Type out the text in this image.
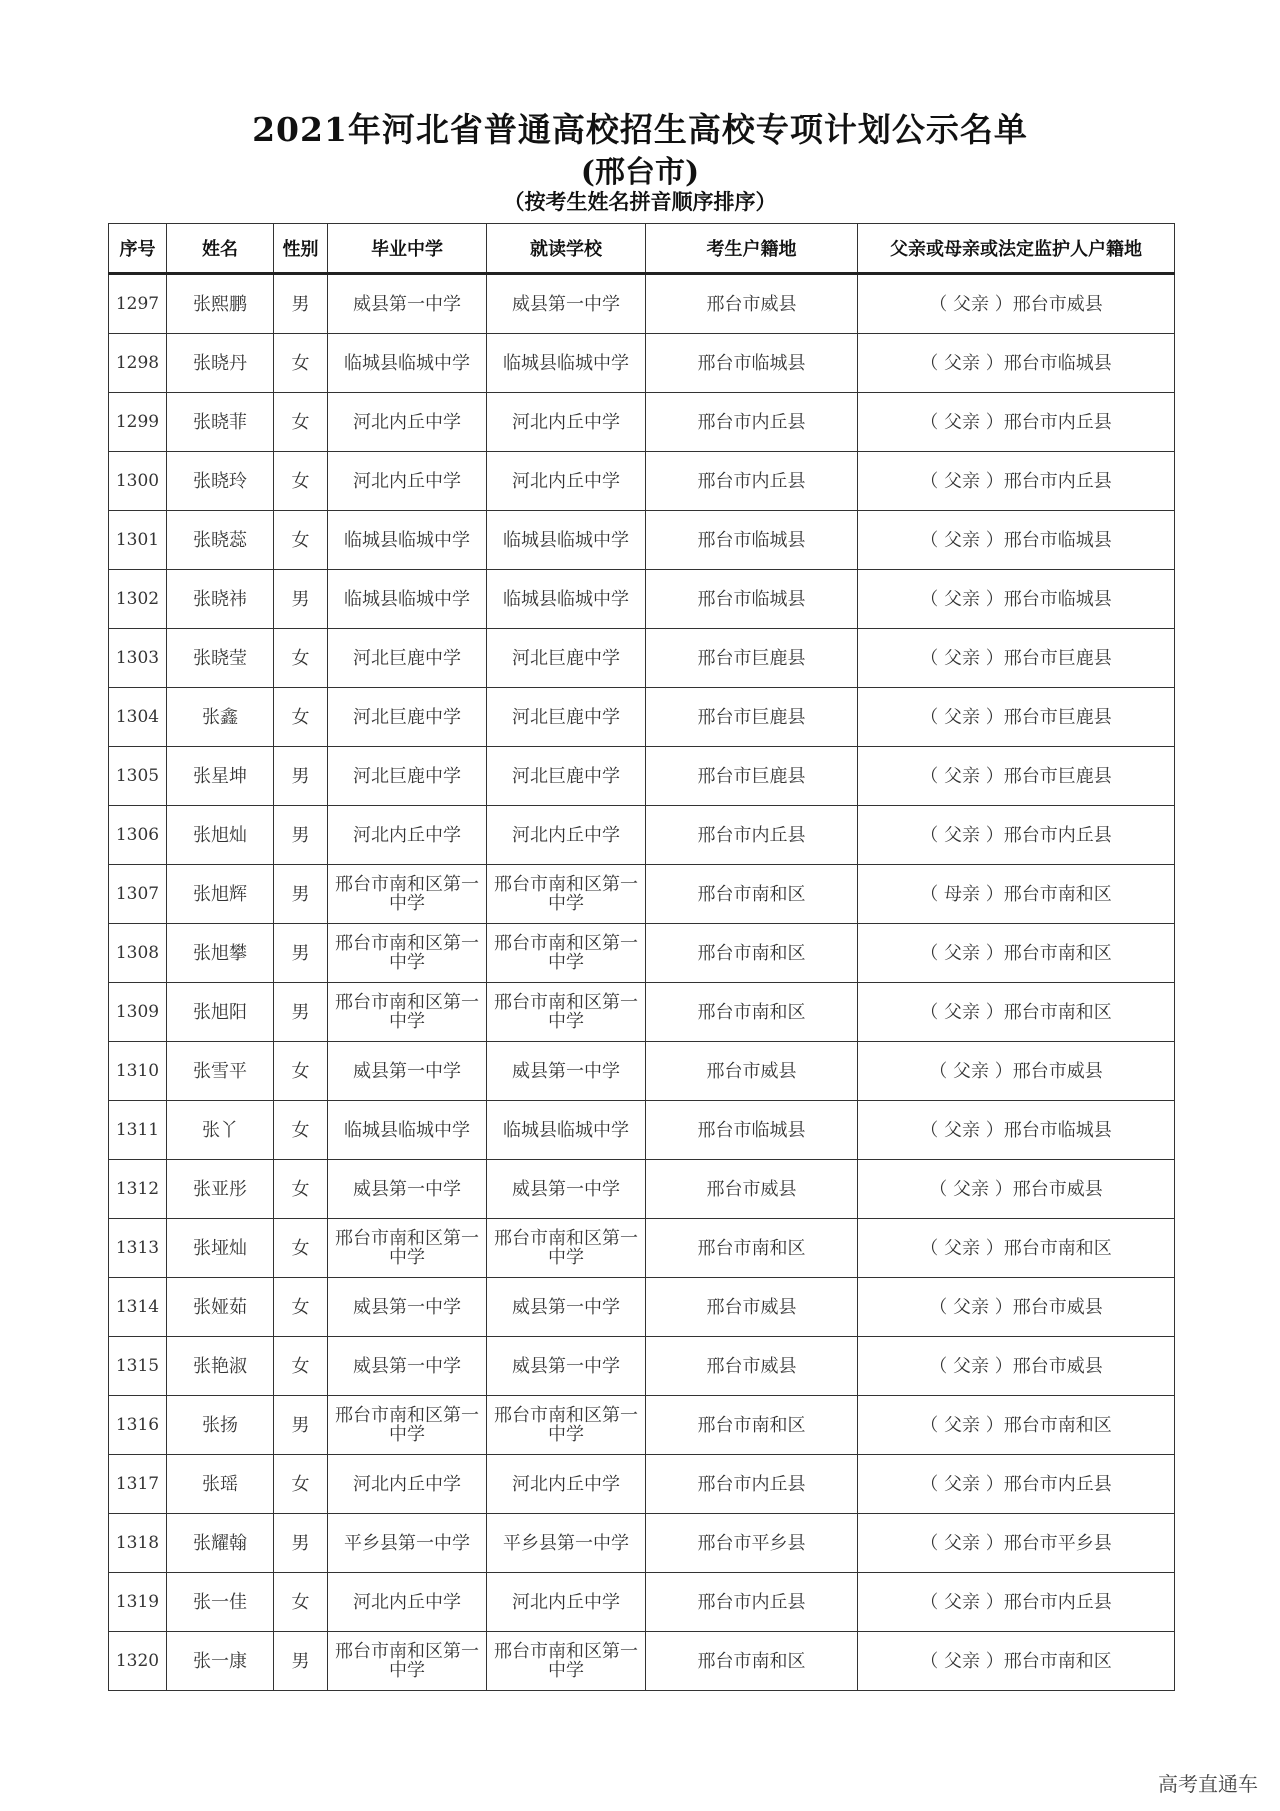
2021年河北省普通高校招生高校专项计划公示名单
(邢台市)
（按考生姓名拼音顺序排序）
序号	姓名	性别	毕业中学	就读学校	考生户籍地	父亲或母亲或法定监护人户籍地
1297	张熙鹏	男	威县第一中学	威县第一中学	邢台市威县	（ 父亲 ）邢台市威县
1298	张晓丹	女	临城县临城中学	临城县临城中学	邢台市临城县	（ 父亲 ）邢台市临城县
1299	张晓菲	女	河北内丘中学	河北内丘中学	邢台市内丘县	（ 父亲 ）邢台市内丘县
1300	张晓玲	女	河北内丘中学	河北内丘中学	邢台市内丘县	（ 父亲 ）邢台市内丘县
1301	张晓蕊	女	临城县临城中学	临城县临城中学	邢台市临城县	（ 父亲 ）邢台市临城县
1302	张晓祎	男	临城县临城中学	临城县临城中学	邢台市临城县	（ 父亲 ）邢台市临城县
1303	张晓莹	女	河北巨鹿中学	河北巨鹿中学	邢台市巨鹿县	（ 父亲 ）邢台市巨鹿县
1304	张鑫	女	河北巨鹿中学	河北巨鹿中学	邢台市巨鹿县	（ 父亲 ）邢台市巨鹿县
1305	张星坤	男	河北巨鹿中学	河北巨鹿中学	邢台市巨鹿县	（ 父亲 ）邢台市巨鹿县
1306	张旭灿	男	河北内丘中学	河北内丘中学	邢台市内丘县	（ 父亲 ）邢台市内丘县
1307	张旭辉	男	邢台市南和区第一中学	邢台市南和区第一中学	邢台市南和区	（ 母亲 ）邢台市南和区
1308	张旭攀	男	邢台市南和区第一中学	邢台市南和区第一中学	邢台市南和区	（ 父亲 ）邢台市南和区
1309	张旭阳	男	邢台市南和区第一中学	邢台市南和区第一中学	邢台市南和区	（ 父亲 ）邢台市南和区
1310	张雪平	女	威县第一中学	威县第一中学	邢台市威县	（ 父亲 ）邢台市威县
1311	张丫	女	临城县临城中学	临城县临城中学	邢台市临城县	（ 父亲 ）邢台市临城县
1312	张亚彤	女	威县第一中学	威县第一中学	邢台市威县	（ 父亲 ）邢台市威县
1313	张垭灿	女	邢台市南和区第一中学	邢台市南和区第一中学	邢台市南和区	（ 父亲 ）邢台市南和区
1314	张娅茹	女	威县第一中学	威县第一中学	邢台市威县	（ 父亲 ）邢台市威县
1315	张艳淑	女	威县第一中学	威县第一中学	邢台市威县	（ 父亲 ）邢台市威县
1316	张扬	男	邢台市南和区第一中学	邢台市南和区第一中学	邢台市南和区	（ 父亲 ）邢台市南和区
1317	张瑶	女	河北内丘中学	河北内丘中学	邢台市内丘县	（ 父亲 ）邢台市内丘县
1318	张耀翰	男	平乡县第一中学	平乡县第一中学	邢台市平乡县	（ 父亲 ）邢台市平乡县
1319	张一佳	女	河北内丘中学	河北内丘中学	邢台市内丘县	（ 父亲 ）邢台市内丘县
1320	张一康	男	邢台市南和区第一中学	邢台市南和区第一中学	邢台市南和区	（ 父亲 ）邢台市南和区
高考直通车
